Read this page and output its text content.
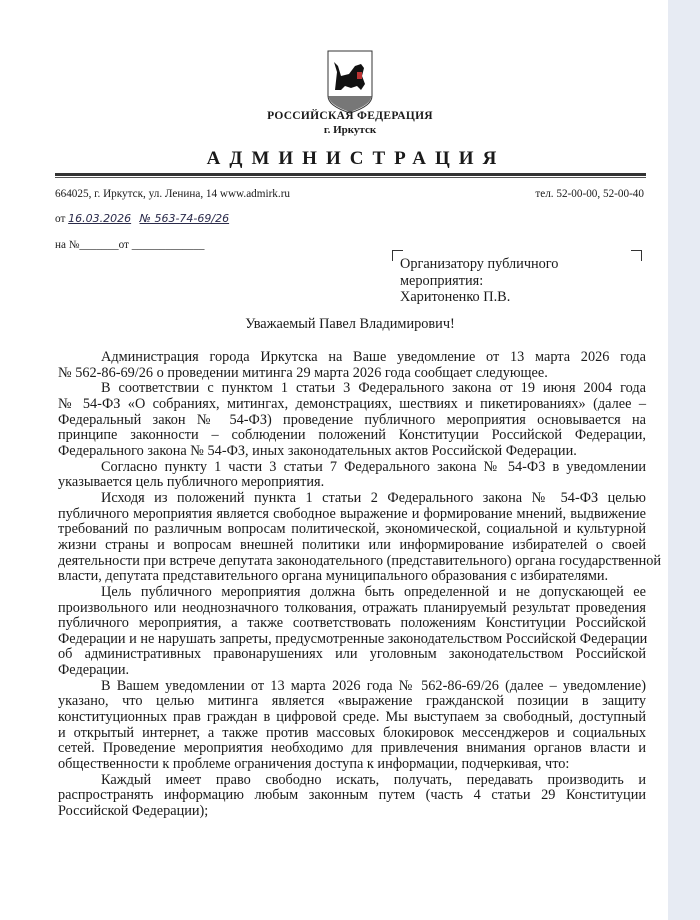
РОССИЙСКАЯ ФЕДЕРАЦИЯ
г. Иркутск
АДМИНИСТРАЦИЯ
664025, г. Иркутск, ул. Ленина, 14 www.admirk.ru	тел. 52-00-00, 52-00-40
от 16.03.2026 № 563-74-69/26
на №_______от _____________
Организатору публичного
мероприятия:
Харитоненко П.В.
Уважаемый Павел Владимирович!
Администрация города Иркутска на Ваше уведомление от 13 марта 2026 года
№ 562-86-69/26 о проведении митинга 29 марта 2026 года сообщает следующее.
В соответствии с пунктом 1 статьи 3 Федерального закона от 19 июня 2004 года
№ 54-ФЗ «О собраниях, митингах, демонстрациях, шествиях и пикетированиях» (далее –
Федеральный закон № 54-ФЗ) проведение публичного мероприятия основывается на
принципе законности – соблюдении положений Конституции Российской Федерации,
Федерального закона № 54-ФЗ, иных законодательных актов Российской Федерации.
Согласно пункту 1 части 3 статьи 7 Федерального закона № 54-ФЗ в уведомлении
указывается цель публичного мероприятия.
Исходя из положений пункта 1 статьи 2 Федерального закона № 54-ФЗ целью
публичного мероприятия является свободное выражение и формирование мнений, выдвижение
требований по различным вопросам политической, экономической, социальной и культурной
жизни страны и вопросам внешней политики или информирование избирателей о своей
деятельности при встрече депутата законодательного (представительного) органа государственной
власти, депутата представительного органа муниципального образования с избирателями.
Цель публичного мероприятия должна быть определенной и не допускающей ее
произвольного или неоднозначного толкования, отражать планируемый результат проведения
публичного мероприятия, а также соответствовать положениям Конституции Российской
Федерации и не нарушать запреты, предусмотренные законодательством Российской Федерации
об административных правонарушениях или уголовным законодательством Российской
Федерации.
В Вашем уведомлении от 13 марта 2026 года № 562-86-69/26 (далее – уведомление)
указано, что целью митинга является «выражение гражданской позиции в защиту
конституционных прав граждан в цифровой среде. Мы выступаем за свободный, доступный
и открытый интернет, а также против массовых блокировок мессенджеров и социальных
сетей. Проведение мероприятия необходимо для привлечения внимания органов власти и
общественности к проблеме ограничения доступа к информации, подчеркивая, что:
Каждый имеет право свободно искать, получать, передавать производить и
распространять информацию любым законным путем (часть 4 статьи 29 Конституции
Российской Федерации);
